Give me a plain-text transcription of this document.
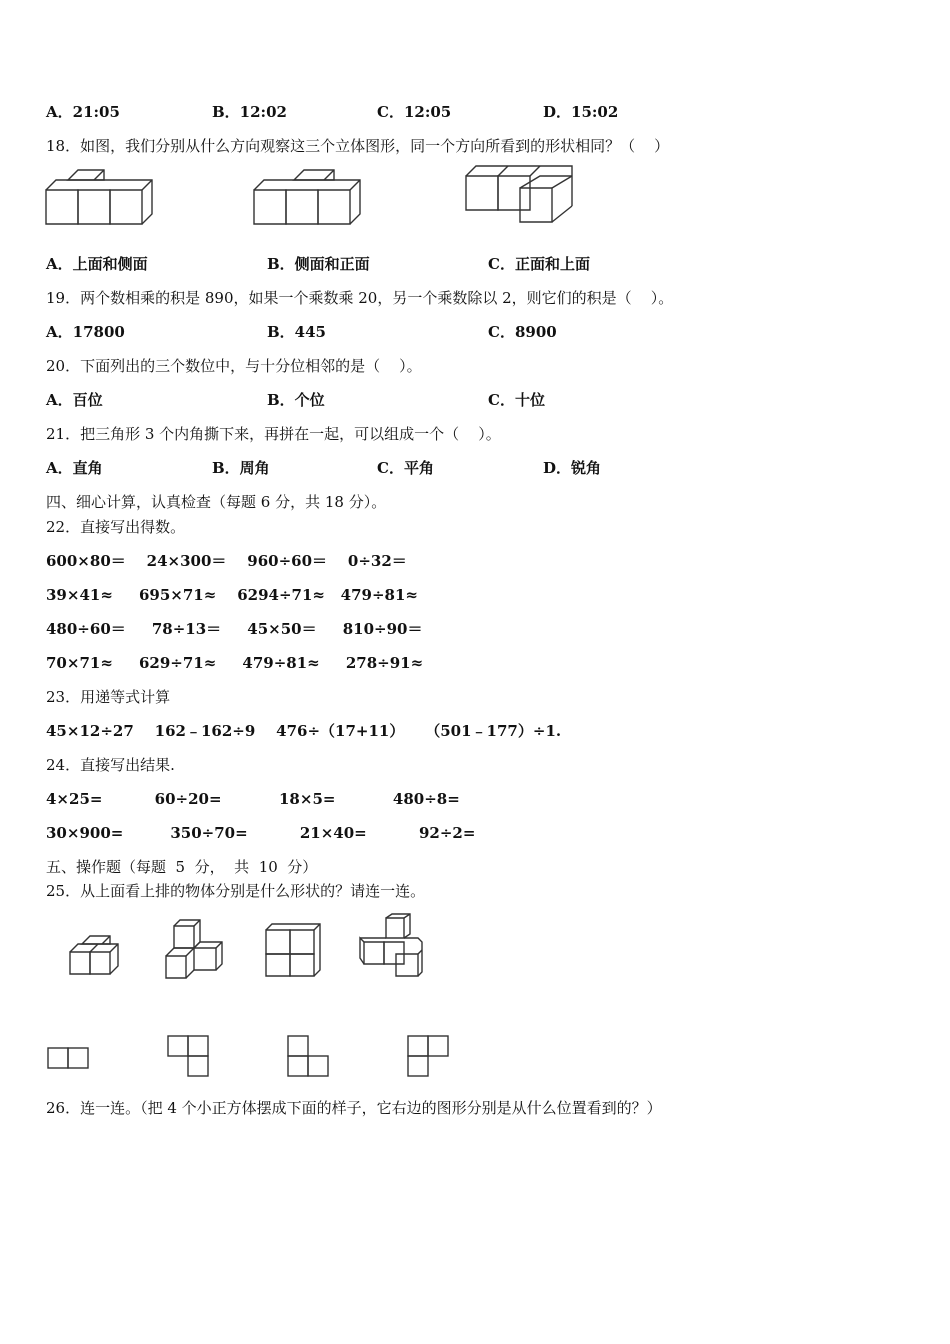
A．21:05	B．12:02	C．12:05	D．15:02
18．如图，我们分别从什么方向观察这三个立体图形，同一个方向所看到的形状相同？（    ）
A．上面和侧面	B．侧面和正面	C．正面和上面
19．两个数相乘的积是 890，如果一个乘数乘 20，另一个乘数除以 2，则它们的积是（    ）。
A．17800	B．445	C．8900
20．下面列出的三个数位中，与十分位相邻的是（    ）。
A．百位	B．个位	C．十位
21．把三角形 3 个内角撕下来，再拼在一起，可以组成一个（    ）。
A．直角	B．周角	C．平角	D．锐角
四、细心计算，认真检查（每题 6 分，共 18 分）。
22．直接写出得数。
600×80＝    24×300＝    960÷60＝    0÷32＝
39×41≈     695×71≈    6294÷71≈   479÷81≈
480÷60＝     78÷13＝     45×50＝     810÷90＝
70×71≈     629÷71≈     479÷81≈     278÷91≈
23．用递等式计算
45×12÷27    162﹣162÷9    476÷（17+11）    （501﹣177）÷1.
24．直接写出结果.
4×25=          60÷20=           18×5=           480÷8=
30×900=         350÷70=          21×40=          92÷2=
五、操作题（每题  5  分，  共  10  分）
25．从上面看上排的物体分别是什么形状的？请连一连。
26．连一连。（把 4 个小正方体摆成下面的样子，它右边的图形分别是从什么位置看到的？）
